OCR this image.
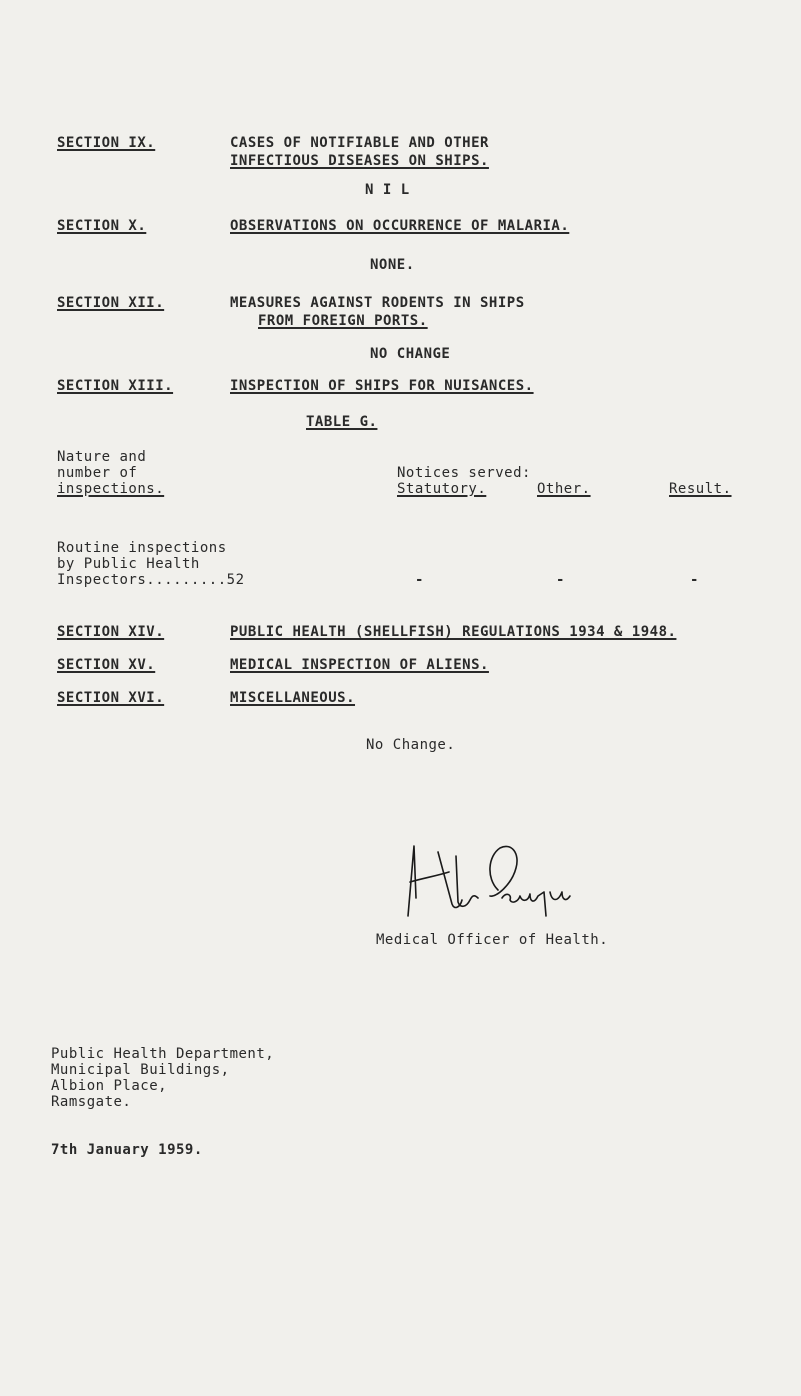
SECTION IX.	CASES OF NOTIFIABLE AND OTHER
INFECTIOUS DISEASES ON SHIPS.
N I L
SECTION X.	OBSERVATIONS ON OCCURRENCE OF MALARIA.
NONE.
SECTION XII.	MEASURES AGAINST RODENTS IN SHIPS
FROM FOREIGN PORTS.
NO CHANGE
SECTION XIII.	INSPECTION OF SHIPS FOR NUISANCES.
TABLE G.
Nature and
number of
inspections.
Notices served:
Statutory.	Other.	Result.
Routine inspections
by Public Health
Inspectors.........52	-	-	-
SECTION XIV.	PUBLIC HEALTH (SHELLFISH) REGULATIONS 1934 & 1948.
SECTION XV.	MEDICAL INSPECTION OF ALIENS.
SECTION XVI.	MISCELLANEOUS.
No Change.
Medical Officer of Health.
Public Health Department,
Municipal Buildings,
Albion Place,
Ramsgate.
7th January 1959.
